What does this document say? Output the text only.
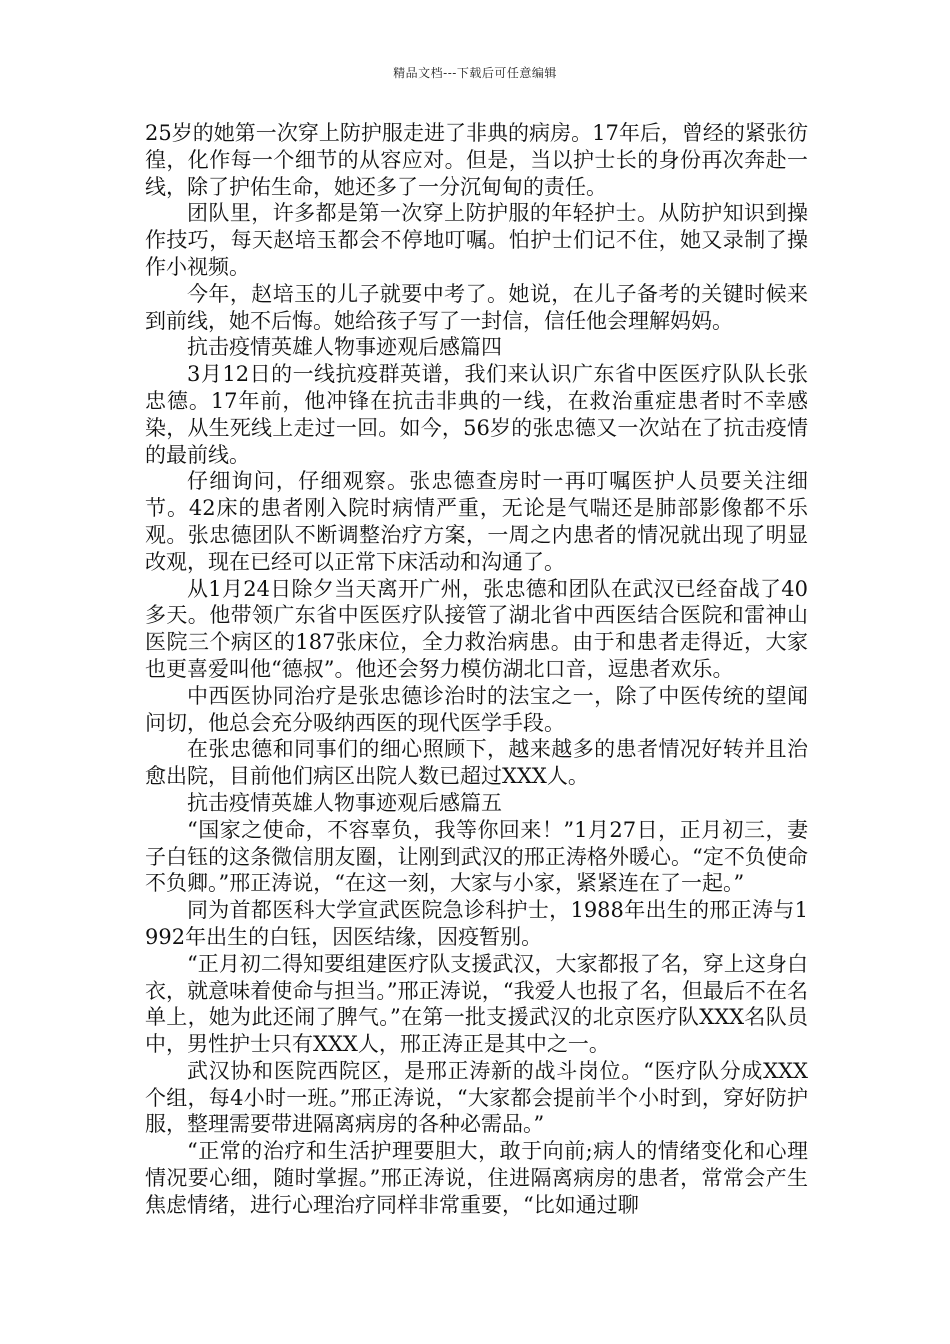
精品文档---下载后可任意编辑

25岁的她第一次穿上防护服走进了非典的病房。17年后，曾经的紧张彷徨，化作每一个细节的从容应对。但是，当以护士长的身份再次奔赴一线，除了护佑生命，她还多了一分沉甸甸的责任。

团队里，许多都是第一次穿上防护服的年轻护士。从防护知识到操作技巧，每天赵培玉都会不停地叮嘱。怕护士们记不住，她又录制了操作小视频。

今年，赵培玉的儿子就要中考了。她说，在儿子备考的关键时候来到前线，她不后悔。她给孩子写了一封信，信任他会理解妈妈。

抗击疫情英雄人物事迹观后感篇四

3月12日的一线抗疫群英谱，我们来认识广东省中医医疗队队长张忠德。17年前，他冲锋在抗击非典的一线，在救治重症患者时不幸感染，从生死线上走过一回。如今，56岁的张忠德又一次站在了抗击疫情的最前线。

仔细询问，仔细观察。张忠德查房时一再叮嘱医护人员要关注细节。42床的患者刚入院时病情严重，无论是气喘还是肺部影像都不乐观。张忠德团队不断调整治疗方案，一周之内患者的情况就出现了明显改观，现在已经可以正常下床活动和沟通了。

从1月24日除夕当天离开广州，张忠德和团队在武汉已经奋战了40多天。他带领广东省中医医疗队接管了湖北省中西医结合医院和雷神山医院三个病区的187张床位，全力救治病患。由于和患者走得近，大家也更喜爱叫他“德叔”。他还会努力模仿湖北口音，逗患者欢乐。

中西医协同治疗是张忠德诊治时的法宝之一，除了中医传统的望闻问切，他总会充分吸纳西医的现代医学手段。

在张忠德和同事们的细心照顾下，越来越多的患者情况好转并且治愈出院，目前他们病区出院人数已超过XXX人。

抗击疫情英雄人物事迹观后感篇五

“国家之使命，不容辜负，我等你回来！”1月27日，正月初三，妻子白钰的这条微信朋友圈，让刚到武汉的邢正涛格外暖心。“定不负使命不负卿。”邢正涛说，“在这一刻，大家与小家，紧紧连在了一起。”

同为首都医科大学宣武医院急诊科护士，1988年出生的邢正涛与1992年出生的白钰，因医结缘，因疫暂别。

“正月初二得知要组建医疗队支援武汉，大家都报了名，穿上这身白衣，就意味着使命与担当。”邢正涛说，“我爱人也报了名，但最后不在名单上，她为此还闹了脾气。”在第一批支援武汉的北京医疗队XXX名队员中，男性护士只有XXX人，邢正涛正是其中之一。

武汉协和医院西院区，是邢正涛新的战斗岗位。“医疗队分成XXX个组，每4小时一班。”邢正涛说，“大家都会提前半个小时到，穿好防护服，整理需要带进隔离病房的各种必需品。”

“正常的治疗和生活护理要胆大，敢于向前;病人的情绪变化和心理情况要心细，随时掌握。”邢正涛说，住进隔离病房的患者，常常会产生焦虑情绪，进行心理治疗同样非常重要，“比如通过聊
